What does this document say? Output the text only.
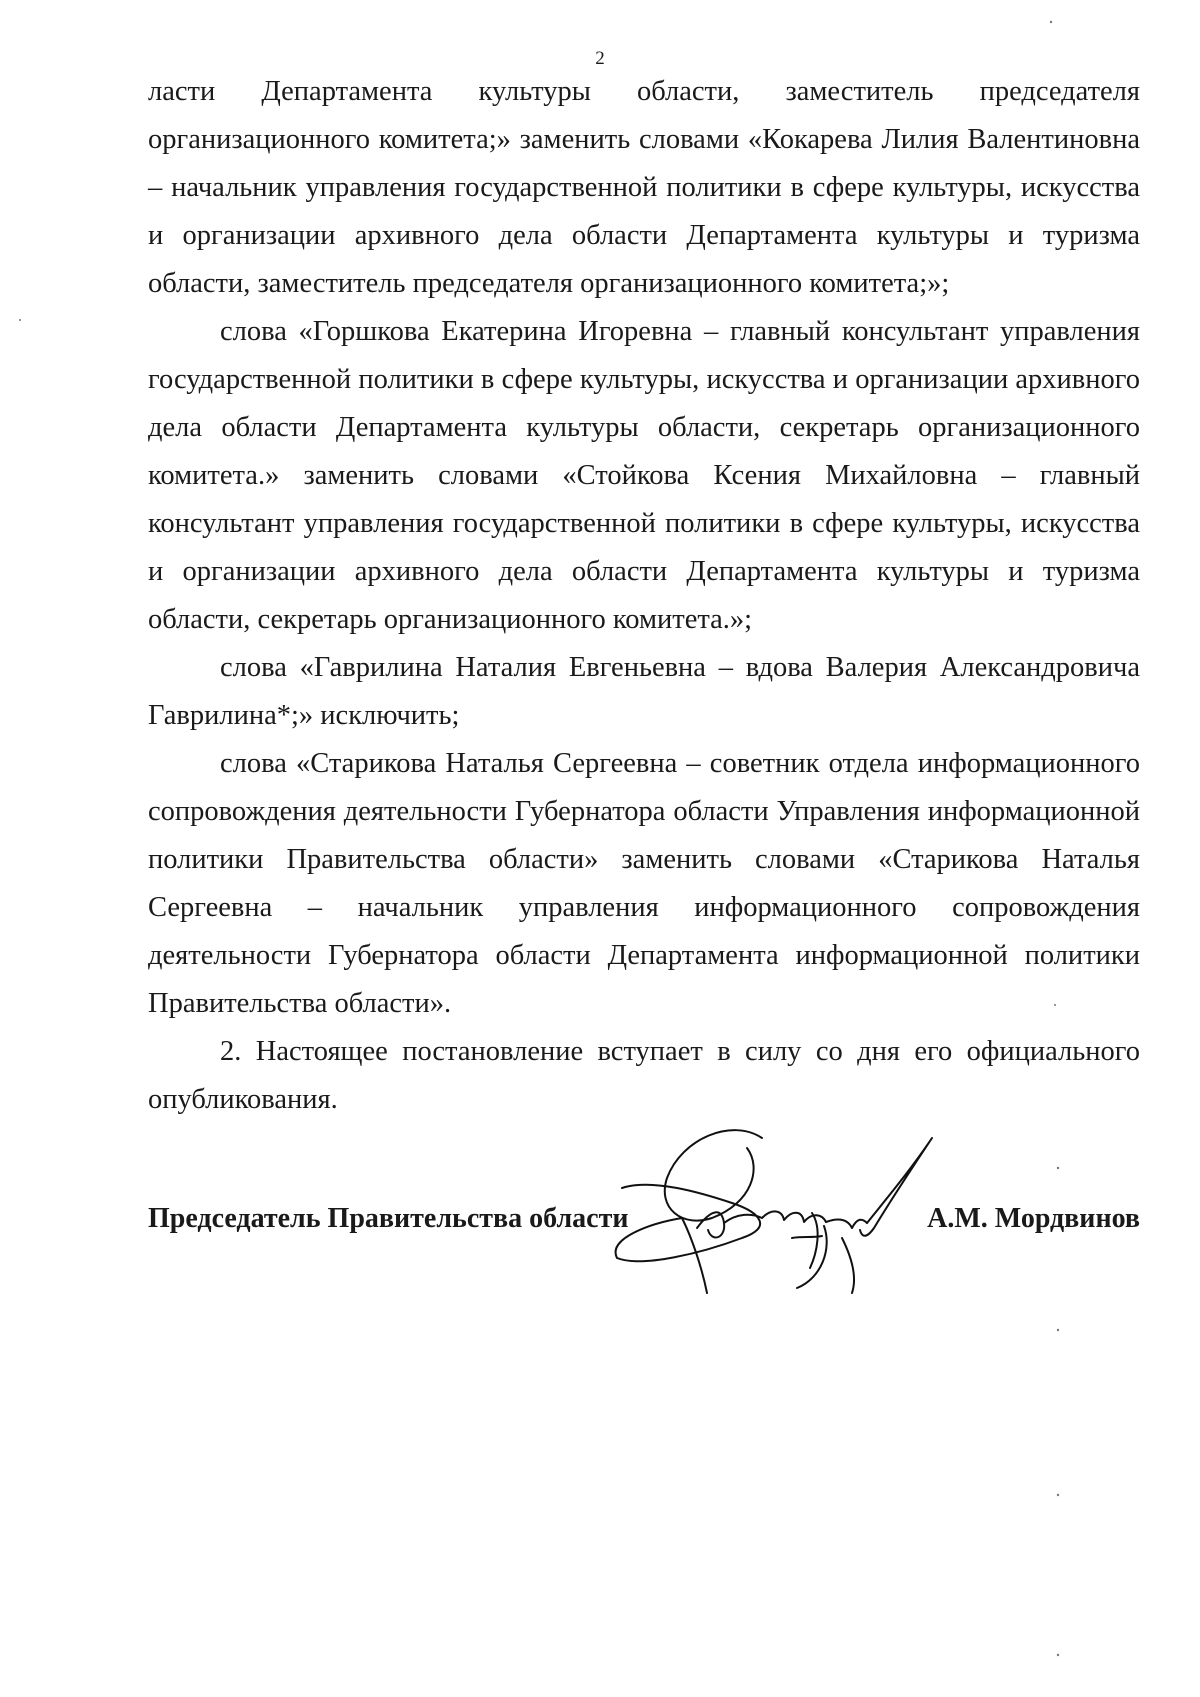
2

ласти Департамента культуры области, заместитель председателя организационного комитета;» заменить словами «Кокарева Лилия Валентиновна – начальник управления государственной политики в сфере культуры, искусства и организации архивного дела области Департамента культуры и туризма области, заместитель председателя организационного комитета;»;

слова «Горшкова Екатерина Игоревна – главный консультант управления государственной политики в сфере культуры, искусства и организации архивного дела области Департамента культуры области, секретарь организационного комитета.» заменить словами «Стойкова Ксения Михайловна – главный консультант управления государственной политики в сфере культуры, искусства и организации архивного дела области Департамента культуры и туризма области, секретарь организационного комитета.»;

слова «Гаврилина Наталия Евгеньевна – вдова Валерия Александровича Гаврилина*;» исключить;

слова «Старикова Наталья Сергеевна – советник отдела информационного сопровождения деятельности Губернатора области Управления информационной политики Правительства области» заменить словами «Старикова Наталья Сергеевна – начальник управления информационного сопровождения деятельности Губернатора области Департамента информационной политики Правительства области».

2. Настоящее постановление вступает в силу со дня его официального опубликования.

Председатель Правительства области	А.М. Мордвинов
